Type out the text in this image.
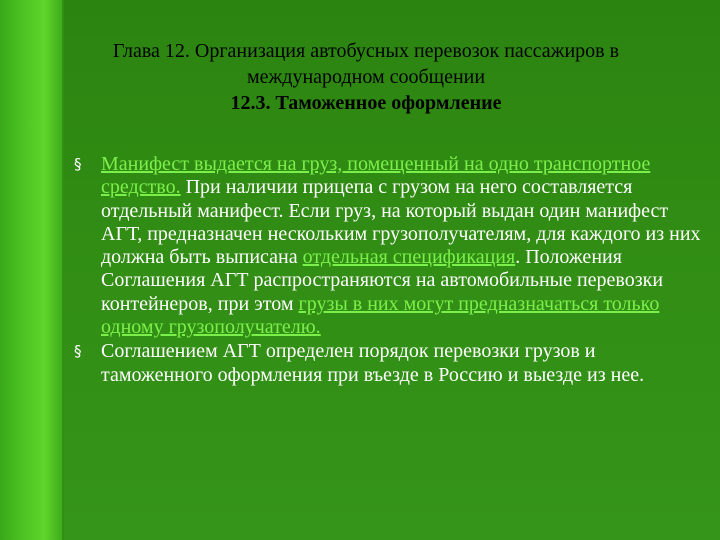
Глава 12. Организация автобусных перевозок пассажиров в
международном сообщении
12.3. Таможенное оформление
§ Манифест выдается на груз, помещенный на одно транспортное средство. При наличии прицепа с грузом на него составляется отдельный манифест. Если груз, на который выдан один манифест АГТ, предназначен нескольким грузополучателям, для каждого из них должна быть выписана отдельная спецификация. Положения Соглашения АГТ распространяются на автомобильные перевозки контейнеров, при этом грузы в них могут предназначаться только одному грузополучателю.
§ Соглашением АГТ определен порядок перевозки грузов и таможенного оформления при въезде в Россию и выезде из нее.
